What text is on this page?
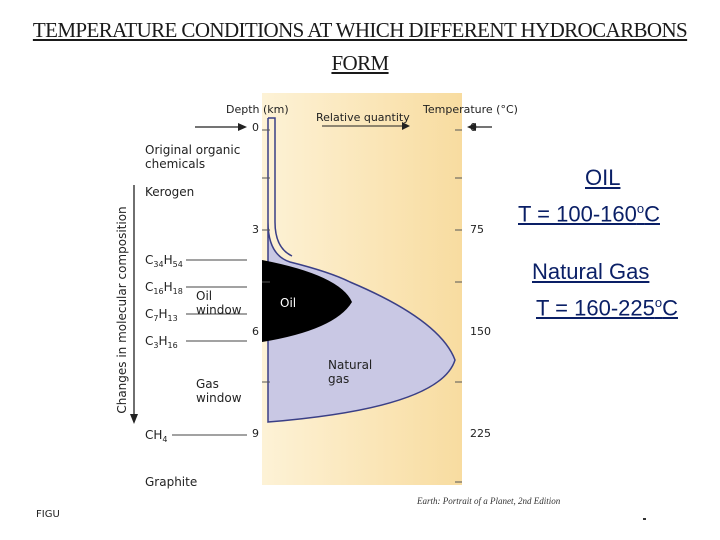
TEMPERATURE CONDITIONS AT WHICH DIFFERENT HYDROCARBONS
FORM
Changes in molecular composition
Depth (km)
Relative quantity
Temperature (°C)
0
3
6
9
0
75
150
225
Original organic
chemicals
Kerogen
Oil
window
Gas
window
Graphite
$C_{34}H_{54}$
$C_{16}H_{18}$
$C_7H_{13}$
$C_3H_{16}$
$CH_4$
Oil
Natural
gas
Earth: Portrait of a Planet, 2nd Edition
FIGU
OIL
$T = 100-160^oC$
Natural Gas
$T = 160-225^oC$
